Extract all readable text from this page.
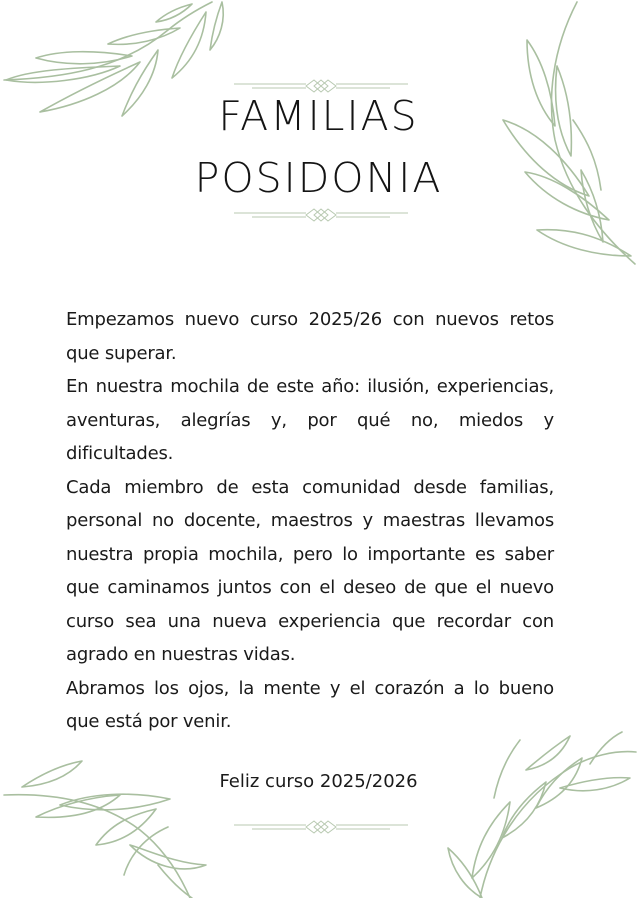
FAMILIAS
POSIDONIA

Empezamos nuevo curso 2025/26 con nuevos retos que superar.

En nuestra mochila de este año: ilusión, experiencias, aventuras, alegrías y, por qué no, miedos y dificultades.

Cada miembro de esta comunidad desde familias, personal no docente, maestros y maestras llevamos nuestra propia mochila, pero lo importante es saber que caminamos juntos con el deseo de que el nuevo curso sea una nueva experiencia que recordar con agrado en nuestras vidas.

Abramos los ojos, la mente y el corazón a lo bueno que está por venir.

Feliz curso 2025/2026
